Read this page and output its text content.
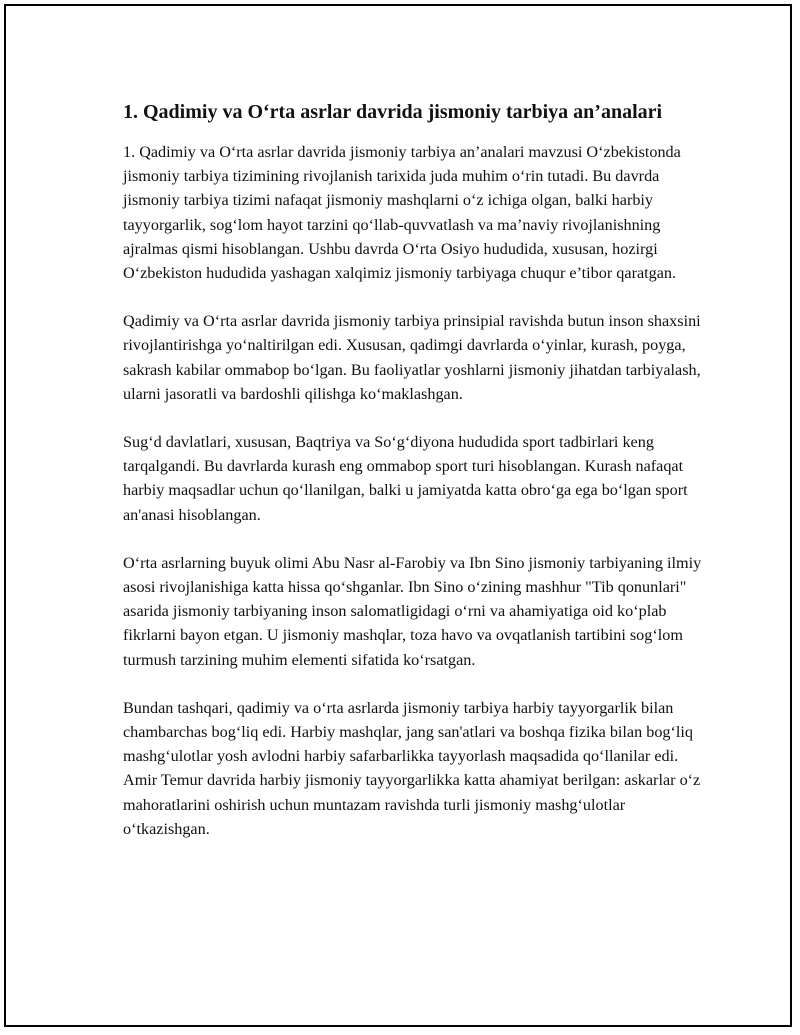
1. Qadimiy va O‘rta asrlar davrida jismoniy tarbiya an’analari

1. Qadimiy va O‘rta asrlar davrida jismoniy tarbiya an’analari mavzusi O‘zbekistonda jismoniy tarbiya tizimining rivojlanish tarixida juda muhim o‘rin tutadi. Bu davrda jismoniy tarbiya tizimi nafaqat jismoniy mashqlarni o‘z ichiga olgan, balki harbiy tayyorgarlik, sog‘lom hayot tarzini qo‘llab-quvvatlash va ma’naviy rivojlanishning ajralmas qismi hisoblangan. Ushbu davrda O‘rta Osiyo hududida, xususan, hozirgi O‘zbekiston hududida yashagan xalqimiz jismoniy tarbiyaga chuqur e’tibor qaratgan.

Qadimiy va O‘rta asrlar davrida jismoniy tarbiya prinsipial ravishda butun inson shaxsini rivojlantirishga yo‘naltirilgan edi. Xususan, qadimgi davrlarda o‘yinlar, kurash, poyga, sakrash kabilar ommabop bo‘lgan. Bu faoliyatlar yoshlarni jismoniy jihatdan tarbiyalash, ularni jasoratli va bardoshli qilishga ko‘maklashgan.

Sug‘d davlatlari, xususan, Baqtriya va So‘g‘diyona hududida sport tadbirlari keng tarqalgandi. Bu davrlarda kurash eng ommabop sport turi hisoblangan. Kurash nafaqat harbiy maqsadlar uchun qo‘llanilgan, balki u jamiyatda katta obro‘ga ega bo‘lgan sport an'anasi hisoblangan.

O‘rta asrlarning buyuk olimi Abu Nasr al-Farobiy va Ibn Sino jismoniy tarbiyaning ilmiy asosi rivojlanishiga katta hissa qo‘shganlar. Ibn Sino o‘zining mashhur "Tib qonunlari" asarida jismoniy tarbiyaning inson salomatligidagi o‘rni va ahamiyatiga oid ko‘plab fikrlarni bayon etgan. U jismoniy mashqlar, toza havo va ovqatlanish tartibini sog‘lom turmush tarzining muhim elementi sifatida ko‘rsatgan.

Bundan tashqari, qadimiy va o‘rta asrlarda jismoniy tarbiya harbiy tayyorgarlik bilan chambarchas bog‘liq edi. Harbiy mashqlar, jang san'atlari va boshqa fizika bilan bog‘liq mashg‘ulotlar yosh avlodni harbiy safarbarlikka tayyorlash maqsadida qo‘llanilar edi. Amir Temur davrida harbiy jismoniy tayyorgarlikka katta ahamiyat berilgan: askarlar o‘z mahoratlarini oshirish uchun muntazam ravishda turli jismoniy mashg‘ulotlar o‘tkazishgan.
